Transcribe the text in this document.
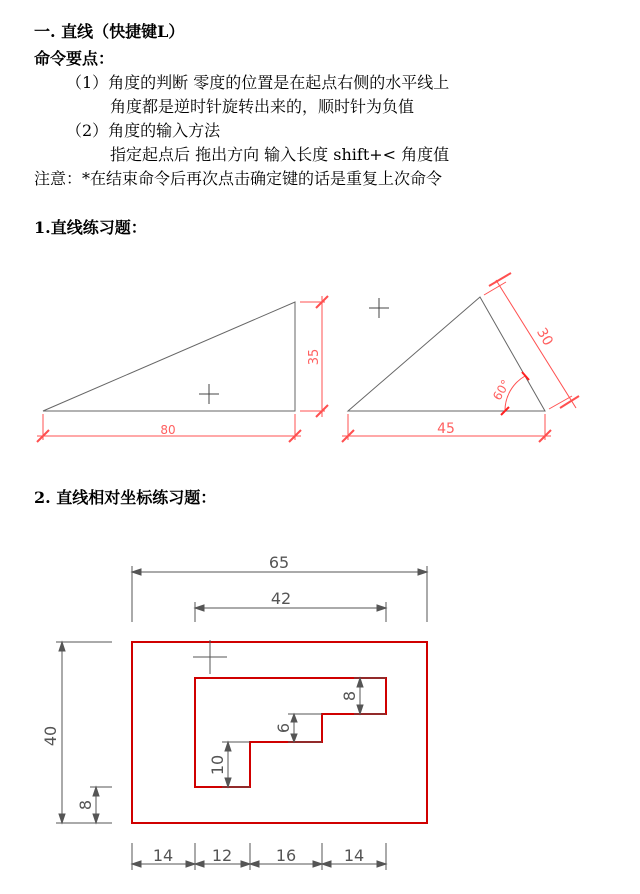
一. 直线（快捷键L）
命令要点：
（1）角度的判断 零度的位置是在起点右侧的水平线上
角度都是逆时针旋转出来的，顺时针为负值
（2）角度的输入方法
指定起点后 拖出方向 输入长度 shift+< 角度值
注意：*在结束命令后再次点击确定键的话是重复上次命令
1.直线练习题：
2. 直线相对坐标练习题：
35
80
60°
30
45
65
42
40
8
8
6
10
14 12	16	14
